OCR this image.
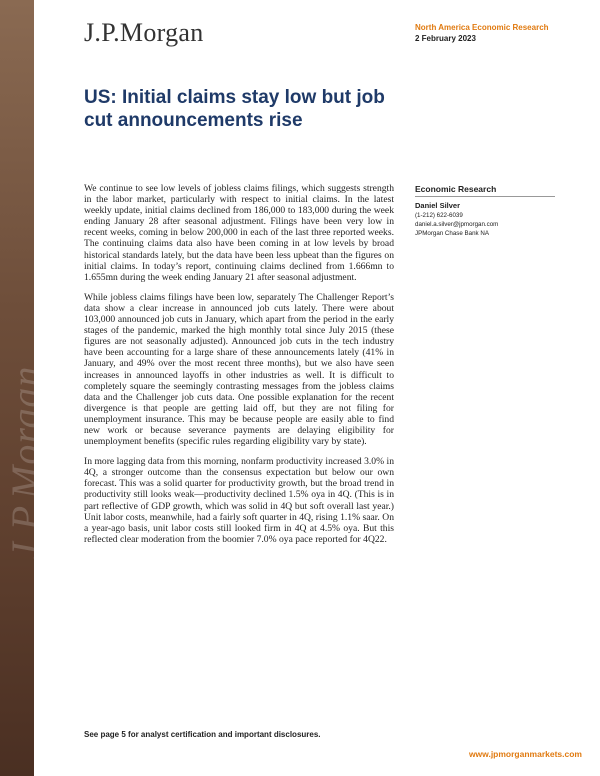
J.P.Morgan
J.P.Morgan	North America Economic Research
2 February 2023
US: Initial claims stay low but job cut announcements rise

We continue to see low levels of jobless claims filings, which suggests strength in the labor market, particularly with respect to initial claims. In the latest weekly update, initial claims declined from 186,000 to 183,000 during the week ending January 28 after seasonal adjustment. Filings have been very low in recent weeks, coming in below 200,000 in each of the last three reported weeks. The continuing claims data also have been coming in at low levels by broad historical standards lately, but the data have been less upbeat than the figures on initial claims. In today’s report, continuing claims declined from 1.666mn to 1.655mn during the week ending January 21 after seasonal adjustment.

While jobless claims filings have been low, separately The Challenger Report’s data show a clear increase in announced job cuts lately. There were about 103,000 announced job cuts in January, which apart from the period in the early stages of the pandemic, marked the high monthly total since July 2015 (these figures are not seasonally adjusted). Announced job cuts in the tech industry have been accounting for a large share of these announcements lately (41% in January, and 49% over the most recent three months), but we also have seen increases in announced layoffs in other industries as well. It is difficult to completely square the seemingly contrasting messages from the jobless claims data and the Challenger job cuts data. One possible explanation for the recent divergence is that people are getting laid off, but they are not filing for unemployment insurance. This may be because people are easily able to find new work or because severance payments are delaying eligibility for unemployment benefits (specific rules regarding eligibility vary by state).

In more lagging data from this morning, nonfarm productivity increased 3.0% in 4Q, a stronger outcome than the consensus expectation but below our own forecast. This was a solid quarter for productivity growth, but the broad trend in productivity still looks weak—productivity declined 1.5% oya in 4Q. (This is in part reflective of GDP growth, which was solid in 4Q but soft overall last year.) Unit labor costs, meanwhile, had a fairly soft quarter in 4Q, rising 1.1% saar. On a year-ago basis, unit labor costs still looked firm in 4Q at 4.5% oya. But this reflected clear moderation from the boomier 7.0% oya pace reported for 4Q22.

Economic Research
Daniel Silver
(1-212) 622-6039
daniel.a.silver@jpmorgan.com
JPMorgan Chase Bank NA
See page 5 for analyst certification and important disclosures.
www.jpmorganmarkets.com
